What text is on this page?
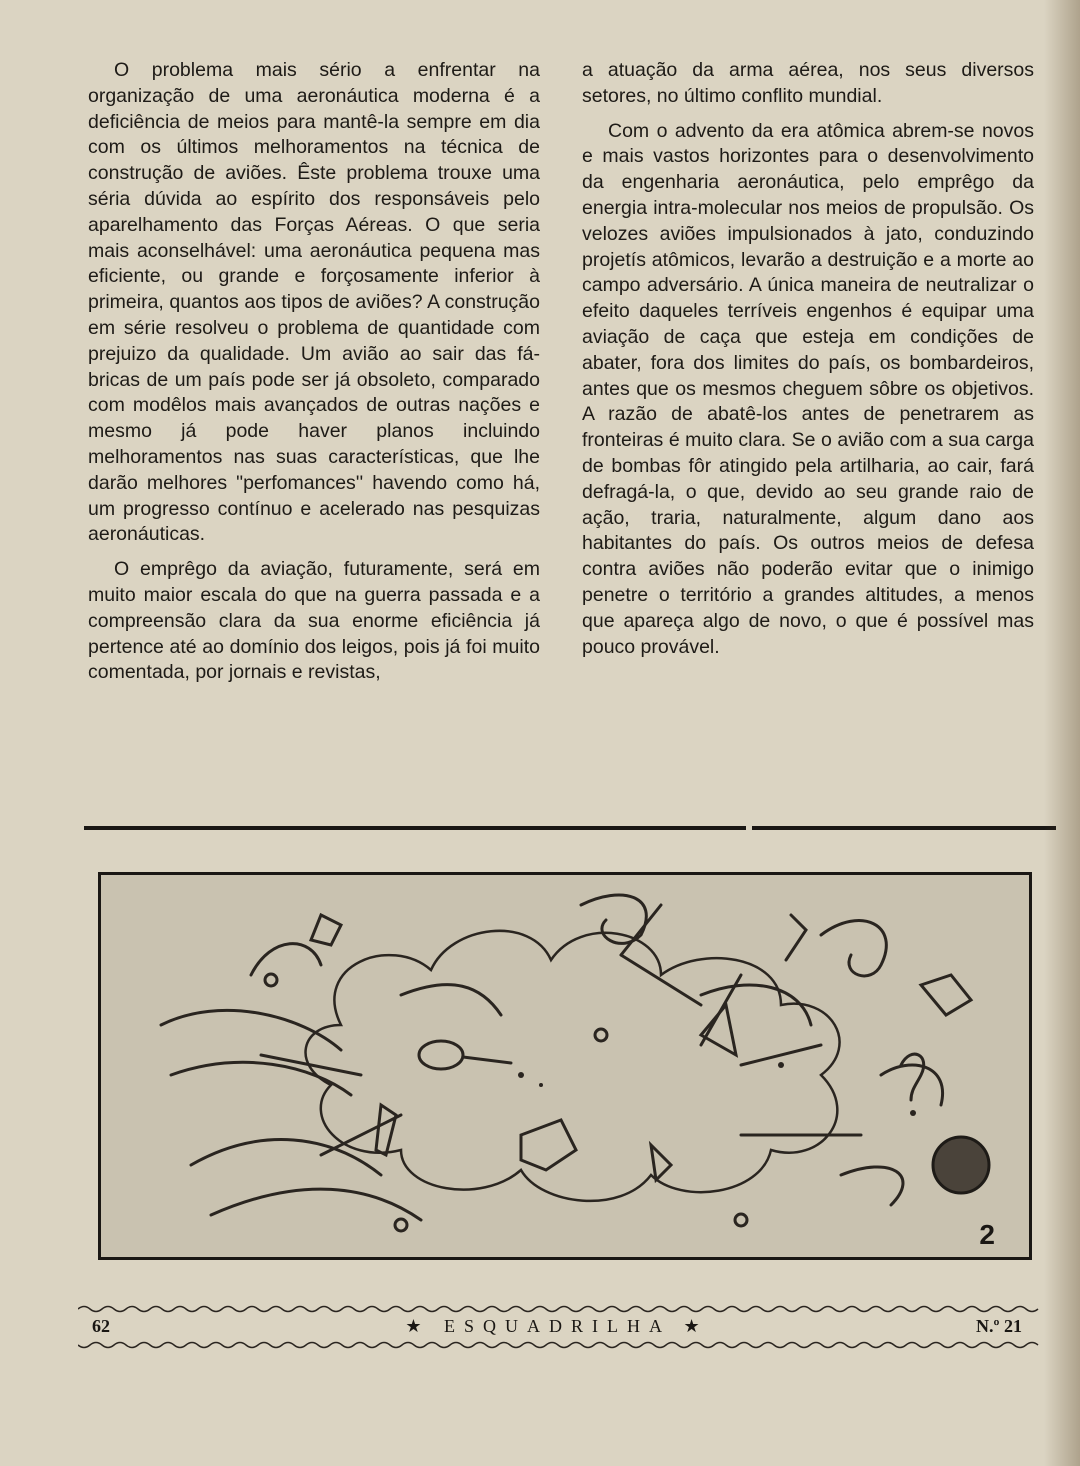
O problema mais sério a enfrentar na organização de uma aeronáutica moderna é a deficiência de meios para mantê-la sempre em dia com os últimos melhoramentos na técnica de construção de aviões. Êste problema trouxe uma séria dúvida ao espírito dos responsáveis pelo aparelhamento das Forças Aéreas. O que seria mais aconselhável: uma aeronáutica pequena mas eficiente, ou grande e forçosamente inferior à primeira, quantos aos tipos de aviões? A construção em série resolveu o problema de quantidade com prejuizo da qualidade. Um avião ao sair das fábricas de um país pode ser já obsoleto, comparado com modêlos mais avançados de outras nações e mesmo já pode haver planos incluindo melhoramentos nas suas características, que lhe darão melhores "perfomances'' havendo como há, um progresso contínuo e acelerado nas pesquizas aeronáuticas.

O emprêgo da aviação, futuramente, será em muito maior escala do que na guerra passada e a compreensão clara da sua enorme eficiência já pertence até ao domínio dos leigos, pois já foi muito comentada, por jornais e revistas,

a atuação da arma aérea, nos seus diversos setores, no último conflito mundial.

Com o advento da era atômica abrem-se novos e mais vastos horizontes para o desenvolvimento da engenharia aeronáutica, pelo emprêgo da energia intra-molecular nos meios de propulsão. Os velozes aviões impulsionados à jato, conduzindo projetís atômicos, levarão a destruição e a morte ao campo adversário. A única maneira de neutralizar o efeito daqueles terríveis engenhos é equipar uma aviação de caça que esteja em condições de abater, fora dos limites do país, os bombardeiros, antes que os mesmos cheguem sôbre os objetivos. A razão de abatê-los antes de penetrarem as fronteiras é muito clara. Se o avião com a sua carga de bombas fôr atingido pela artilharia, ao cair, fará defragá-la, o que, devido ao seu grande raio de ação, traria, naturalmente, algum dano aos habitantes do país. Os outros meios de defesa contra aviões não poderão evitar que o inimigo penetre o território a grandes altitudes, a menos que apareça algo de novo, o que é possível mas pouco provável.

2
62	★ ESQUADRILHA ★	N.º 21
